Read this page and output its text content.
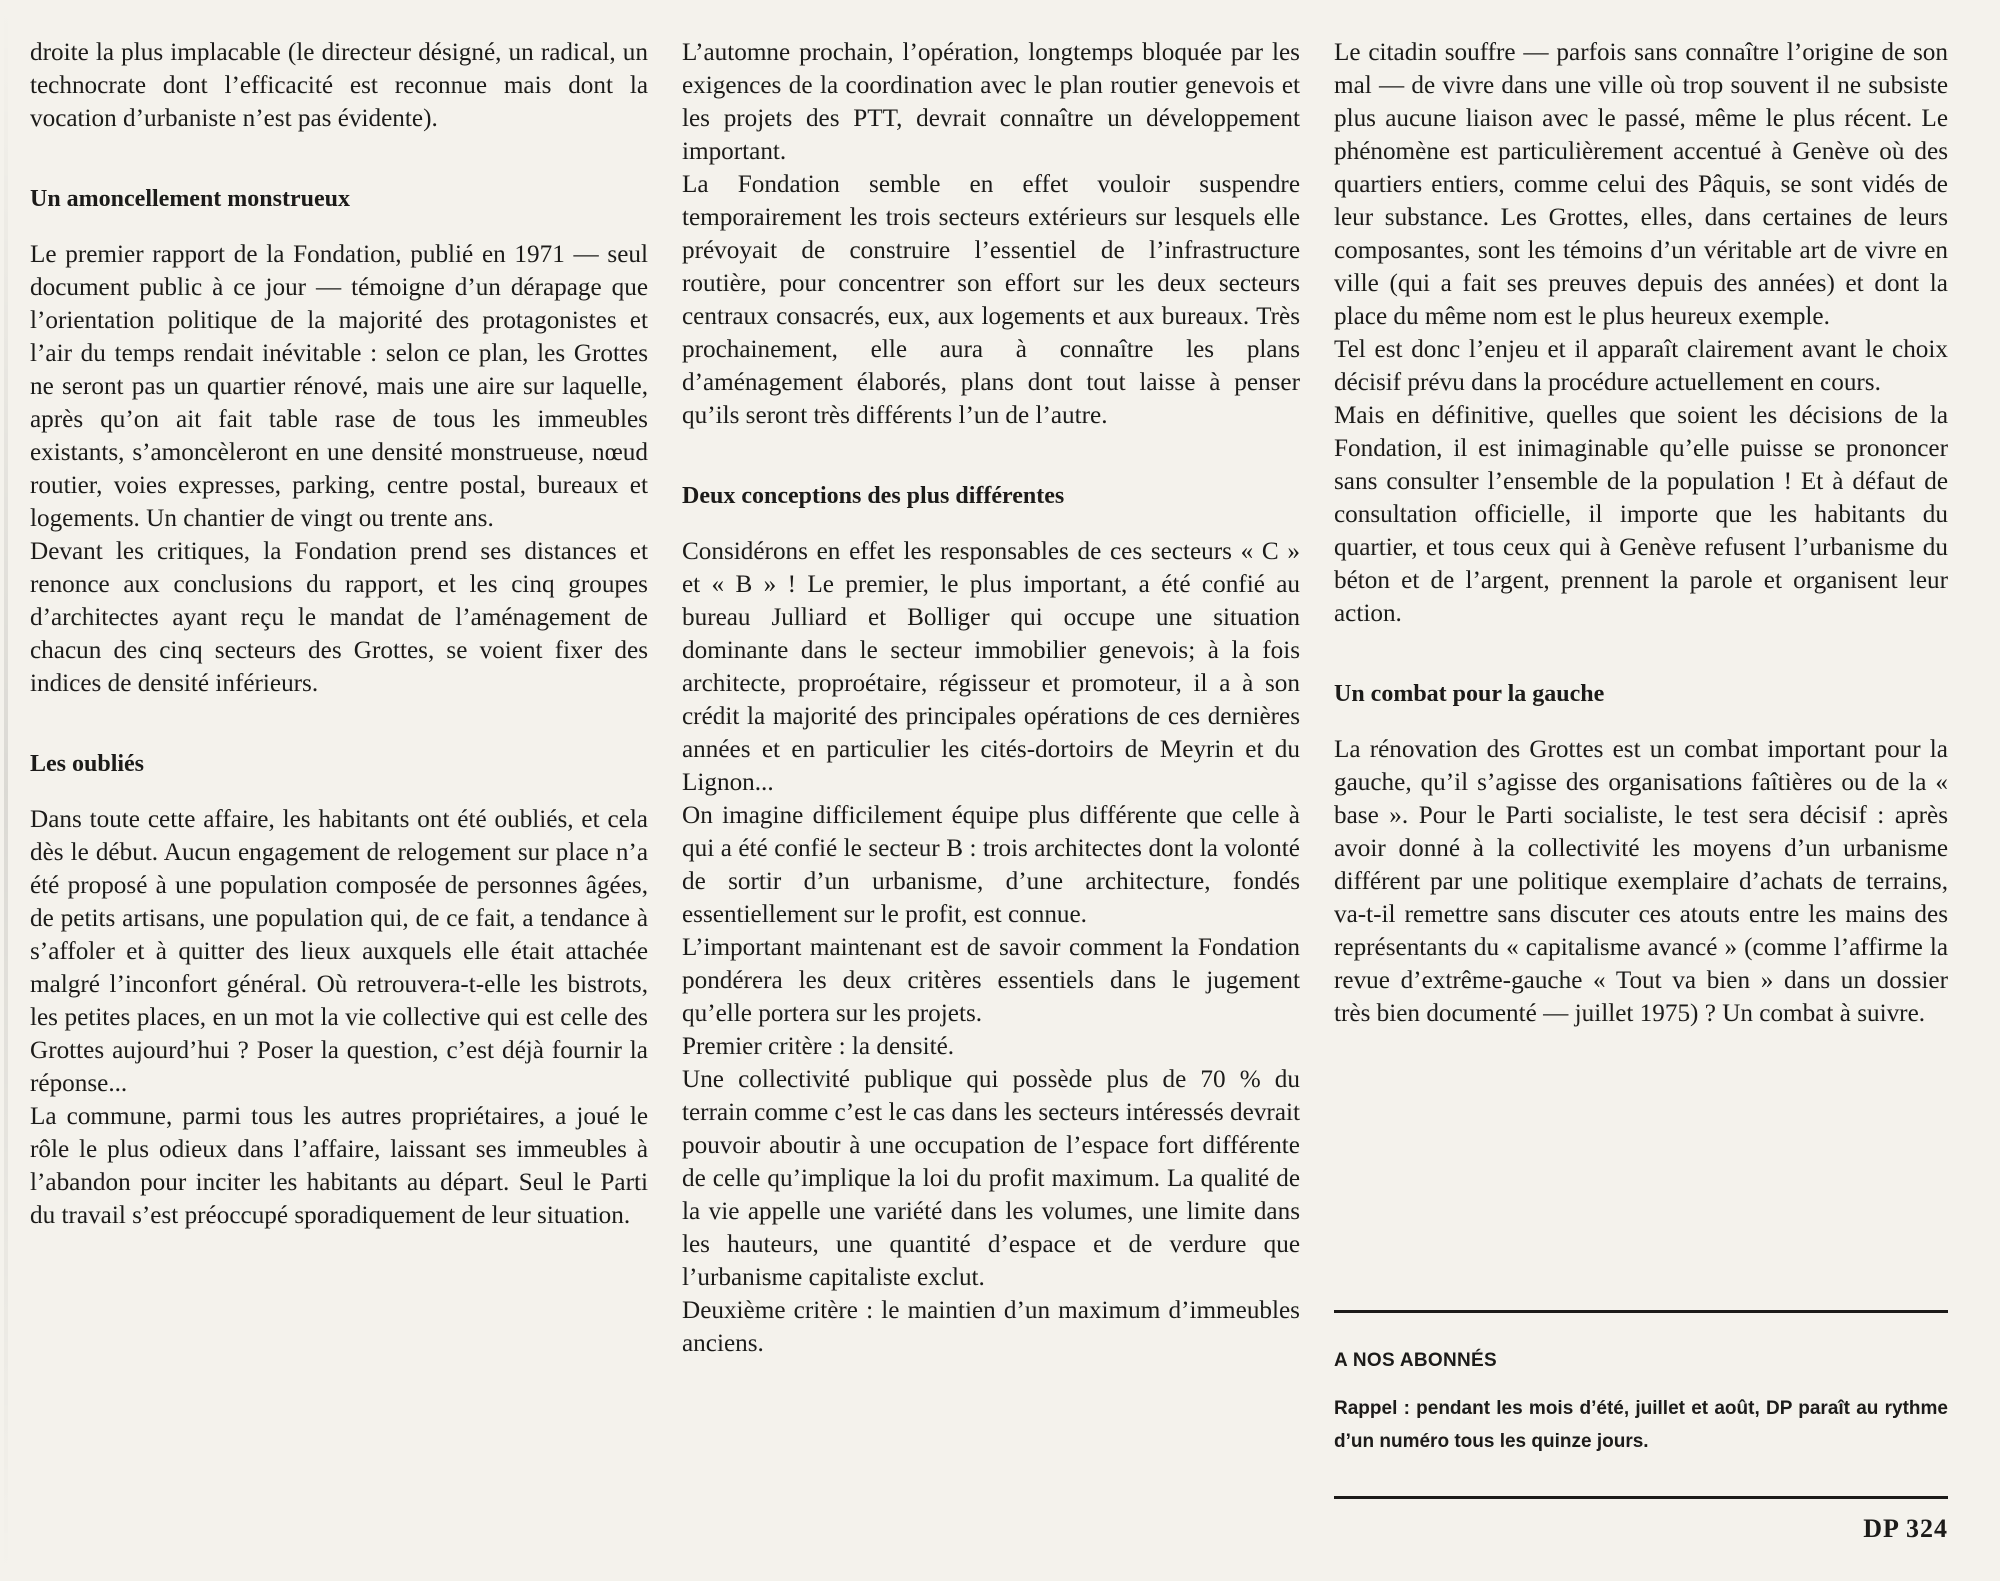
droite la plus implacable (le directeur désigné, un radical, un technocrate dont l’efficacité est reconnue mais dont la vocation d’urbaniste n’est pas évidente).

Un amoncellement monstrueux

Le premier rapport de la Fondation, publié en 1971 — seul document public à ce jour — témoigne d’un dérapage que l’orientation politique de la majorité des protagonistes et l’air du temps rendait inévitable : selon ce plan, les Grottes ne seront pas un quartier rénové, mais une aire sur laquelle, après qu’on ait fait table rase de tous les immeubles existants, s’amoncèleront en une densité monstrueuse, nœud routier, voies expresses, parking, centre postal, bureaux et logements. Un chantier de vingt ou trente ans.

Devant les critiques, la Fondation prend ses distances et renonce aux conclusions du rapport, et les cinq groupes d’architectes ayant reçu le mandat de l’aménagement de chacun des cinq secteurs des Grottes, se voient fixer des indices de densité inférieurs.

Les oubliés

Dans toute cette affaire, les habitants ont été oubliés, et cela dès le début. Aucun engagement de relogement sur place n’a été proposé à une population composée de personnes âgées, de petits artisans, une population qui, de ce fait, a tendance à s’affoler et à quitter des lieux auxquels elle était attachée malgré l’inconfort général. Où retrouvera-t-elle les bistrots, les petites places, en un mot la vie collective qui est celle des Grottes aujourd’hui ? Poser la question, c’est déjà fournir la réponse...

La commune, parmi tous les autres propriétaires, a joué le rôle le plus odieux dans l’affaire, laissant ses immeubles à l’abandon pour inciter les habitants au départ. Seul le Parti du travail s’est préoccupé sporadiquement de leur situation.

L’automne prochain, l’opération, longtemps bloquée par les exigences de la coordination avec le plan routier genevois et les projets des PTT, devrait connaître un développement important.

La Fondation semble en effet vouloir suspendre temporairement les trois secteurs extérieurs sur lesquels elle prévoyait de construire l’essentiel de l’infrastructure routière, pour concentrer son effort sur les deux secteurs centraux consacrés, eux, aux logements et aux bureaux. Très prochainement, elle aura à connaître les plans d’aménagement élaborés, plans dont tout laisse à penser qu’ils seront très différents l’un de l’autre.

Deux conceptions des plus différentes

Considérons en effet les responsables de ces secteurs « C » et « B » ! Le premier, le plus important, a été confié au bureau Julliard et Bolliger qui occupe une situation dominante dans le secteur immobilier genevois; à la fois architecte, proproétaire, régisseur et promoteur, il a à son crédit la majorité des principales opérations de ces dernières années et en particulier les cités-dortoirs de Meyrin et du Lignon...

On imagine difficilement équipe plus différente que celle à qui a été confié le secteur B : trois architectes dont la volonté de sortir d’un urbanisme, d’une architecture, fondés essentiellement sur le profit, est connue.

L’important maintenant est de savoir comment la Fondation pondérera les deux critères essentiels dans le jugement qu’elle portera sur les projets.

Premier critère : la densité.

Une collectivité publique qui possède plus de 70 % du terrain comme c’est le cas dans les secteurs intéressés devrait pouvoir aboutir à une occupation de l’espace fort différente de celle qu’implique la loi du profit maximum. La qualité de la vie appelle une variété dans les volumes, une limite dans les hauteurs, une quantité d’espace et de verdure que l’urbanisme capitaliste exclut.

Deuxième critère : le maintien d’un maximum d’immeubles anciens.

Le citadin souffre — parfois sans connaître l’origine de son mal — de vivre dans une ville où trop souvent il ne subsiste plus aucune liaison avec le passé, même le plus récent. Le phénomène est particulièrement accentué à Genève où des quartiers entiers, comme celui des Pâquis, se sont vidés de leur substance. Les Grottes, elles, dans certaines de leurs composantes, sont les témoins d’un véritable art de vivre en ville (qui a fait ses preuves depuis des années) et dont la place du même nom est le plus heureux exemple.

Tel est donc l’enjeu et il apparaît clairement avant le choix décisif prévu dans la procédure actuellement en cours.

Mais en définitive, quelles que soient les décisions de la Fondation, il est inimaginable qu’elle puisse se prononcer sans consulter l’ensemble de la population ! Et à défaut de consultation officielle, il importe que les habitants du quartier, et tous ceux qui à Genève refusent l’urbanisme du béton et de l’argent, prennent la parole et organisent leur action.

Un combat pour la gauche

La rénovation des Grottes est un combat important pour la gauche, qu’il s’agisse des organisations faîtières ou de la « base ». Pour le Parti socialiste, le test sera décisif : après avoir donné à la collectivité les moyens d’un urbanisme différent par une politique exemplaire d’achats de terrains, va-t-il remettre sans discuter ces atouts entre les mains des représentants du « capitalisme avancé » (comme l’affirme la revue d’extrême-gauche « Tout va bien » dans un dossier très bien documenté — juillet 1975) ? Un combat à suivre.

A NOS ABONNÉS
Rappel : pendant les mois d’été, juillet et août, DP paraît au rythme d’un numéro tous les quinze jours.
DP 324
